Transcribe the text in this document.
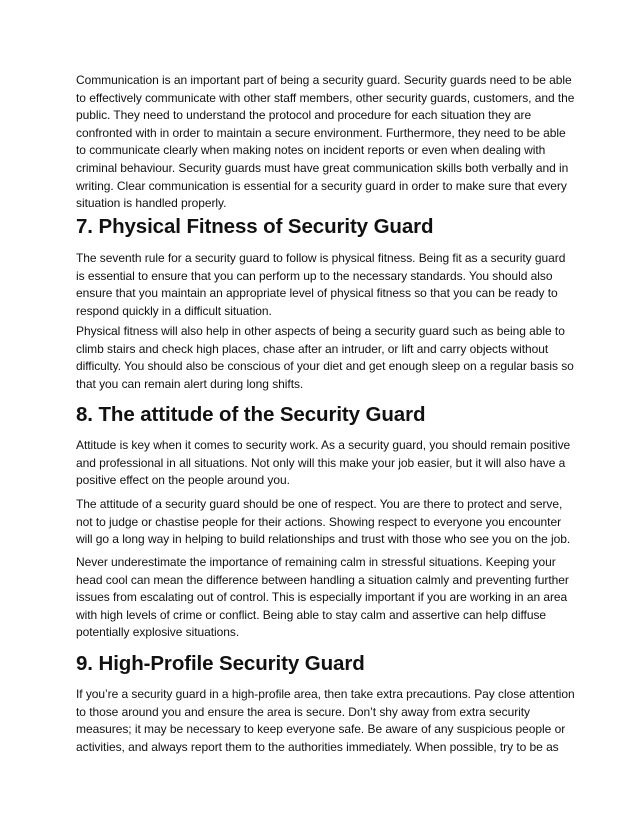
Communication is an important part of being a security guard. Security guards need to be able to effectively communicate with other staff members, other security guards, customers, and the public. They need to understand the protocol and procedure for each situation they are confronted with in order to maintain a secure environment. Furthermore, they need to be able to communicate clearly when making notes on incident reports or even when dealing with criminal behaviour. Security guards must have great communication skills both verbally and in writing. Clear communication is essential for a security guard in order to make sure that every situation is handled properly.

7. Physical Fitness of Security Guard

The seventh rule for a security guard to follow is physical fitness. Being fit as a security guard is essential to ensure that you can perform up to the necessary standards. You should also ensure that you maintain an appropriate level of physical fitness so that you can be ready to respond quickly in a difficult situation.

Physical fitness will also help in other aspects of being a security guard such as being able to climb stairs and check high places, chase after an intruder, or lift and carry objects without difficulty. You should also be conscious of your diet and get enough sleep on a regular basis so that you can remain alert during long shifts.

8. The attitude of the Security Guard

Attitude is key when it comes to security work. As a security guard, you should remain positive and professional in all situations. Not only will this make your job easier, but it will also have a positive effect on the people around you.

The attitude of a security guard should be one of respect. You are there to protect and serve, not to judge or chastise people for their actions. Showing respect to everyone you encounter will go a long way in helping to build relationships and trust with those who see you on the job.

Never underestimate the importance of remaining calm in stressful situations. Keeping your head cool can mean the difference between handling a situation calmly and preventing further issues from escalating out of control. This is especially important if you are working in an area with high levels of crime or conflict. Being able to stay calm and assertive can help diffuse potentially explosive situations.

9. High-Profile Security Guard

If you’re a security guard in a high-profile area, then take extra precautions. Pay close attention to those around you and ensure the area is secure. Don’t shy away from extra security measures; it may be necessary to keep everyone safe. Be aware of any suspicious people or activities, and always report them to the authorities immediately. When possible, try to be as
